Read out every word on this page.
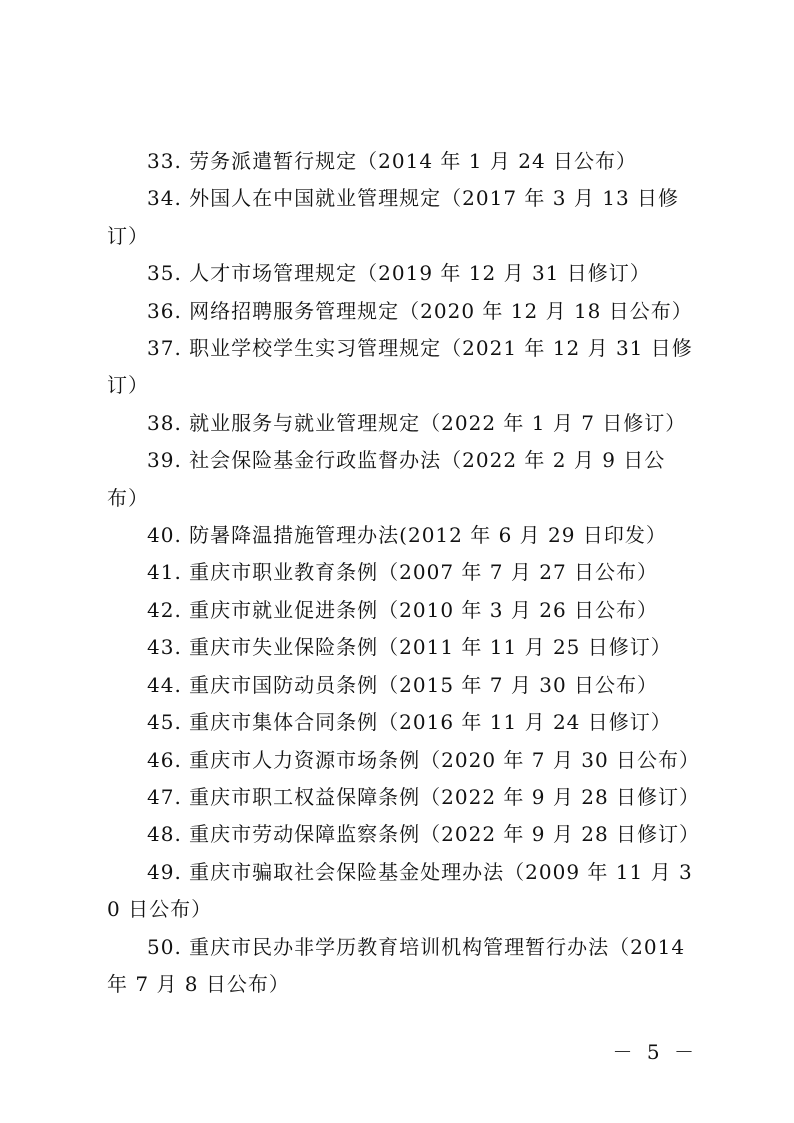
33. 劳务派遣暂行规定（2014 年 1 月 24 日公布）

34. 外国人在中国就业管理规定（2017 年 3 月 13 日修订）

35. 人才市场管理规定（2019 年 12 月 31 日修订）

36. 网络招聘服务管理规定（2020 年 12 月 18 日公布）

37. 职业学校学生实习管理规定（2021 年 12 月 31 日修订）

38. 就业服务与就业管理规定（2022 年 1 月 7 日修订）

39. 社会保险基金行政监督办法（2022 年 2 月 9 日公布）

40. 防暑降温措施管理办法(2012 年 6 月 29 日印发）

41. 重庆市职业教育条例（2007 年 7 月 27 日公布）

42. 重庆市就业促进条例（2010 年 3 月 26 日公布）

43. 重庆市失业保险条例（2011 年 11 月 25 日修订）

44. 重庆市国防动员条例（2015 年 7 月 30 日公布）

45. 重庆市集体合同条例（2016 年 11 月 24 日修订）

46. 重庆市人力资源市场条例（2020 年 7 月 30 日公布）

47. 重庆市职工权益保障条例（2022 年 9 月 28 日修订）

48. 重庆市劳动保障监察条例（2022 年 9 月 28 日修订）

49. 重庆市骗取社会保险基金处理办法（2009 年 11 月 30 日公布）

50. 重庆市民办非学历教育培训机构管理暂行办法（2014 年 7 月 8 日公布）

－ 5 －
